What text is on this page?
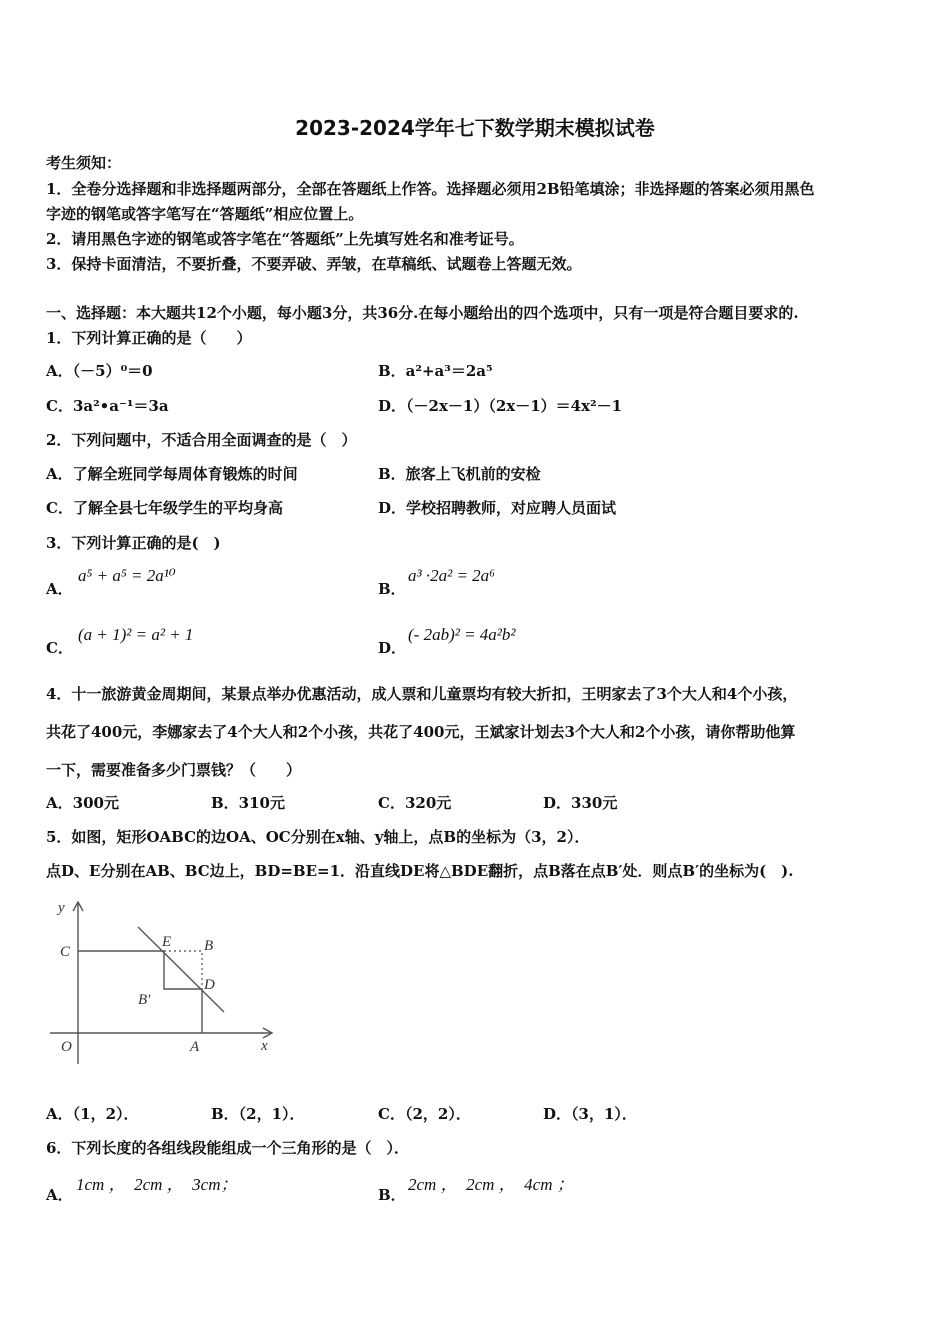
2023-2024学年七下数学期末模拟试卷
考生须知：
1．全卷分选择题和非选择题两部分，全部在答题纸上作答。选择题必须用2B铅笔填涂；非选择题的答案必须用黑色
字迹的钢笔或答字笔写在“答题纸”相应位置上。
2．请用黑色字迹的钢笔或答字笔在“答题纸”上先填写姓名和准考证号。
3．保持卡面清洁，不要折叠，不要弄破、弄皱，在草稿纸、试题卷上答题无效。
一、选择题：本大题共12个小题，每小题3分，共36分.在每小题给出的四个选项中，只有一项是符合题目要求的.
1．下列计算正确的是（　　）
A．（－5）⁰＝0	B．a²+a³＝2a⁵
C．3a²•a⁻¹＝3a	D．（－2x－1）（2x－1）＝4x²－1
2．下列问题中，不适合用全面调查的是（　）
A．了解全班同学每周体育锻炼的时间	B．旅客上飞机前的安检
C．了解全县七年级学生的平均身高	D．学校招聘教师，对应聘人员面试
3．下列计算正确的是(　)
A．
a⁵ + a⁵ = 2a¹⁰
B．
a³ ·2a² = 2a⁶
C．
(a + 1)² = a² + 1
D．
(- 2ab)² = 4a²b²
4．十一旅游黄金周期间，某景点举办优惠活动，成人票和儿童票均有较大折扣，王明家去了3个大人和4个小孩，
共花了400元，李娜家去了4个大人和2个小孩，共花了400元，王斌家计划去3个大人和2个小孩，请你帮助他算
一下，需要准备多少门票钱？（　　）
A．300元	B．310元	C．320元	D．330元
5．如图，矩形OABC的边OA、OC分别在x轴、y轴上，点B的坐标为（3，2）．
点D、E分别在AB、BC边上，BD=BE=1．沿直线DE将△BDE翻折，点B落在点B′处．则点B′的坐标为(　).
y
x
O
C
E B
B′
D
A
A．（1，2）．	B．（2，1）．	C．（2，2）．	D．（3，1）．
6．下列长度的各组线段能组成一个三角形的是（　）．
A．
1cm ，　2cm ，　3cm；
B．
2cm ，　2cm ，　4cm ；
